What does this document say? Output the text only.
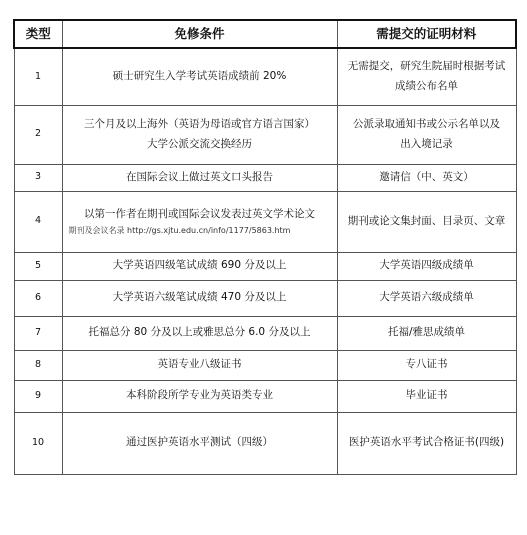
类型	免修条件	需提交的证明材料
1	硕士研究生入学考试英语成绩前 20%	无需提交，研究生院届时根据考试
成绩公布名单

2	三个月及以上海外（英语为母语或官方语言国家）
大学公派交流交换经历	公派录取通知书或公示名单以及
出入境记录

3	在国际会议上做过英文口头报告	邀请信（中、英文）
4	以第一作者在期刊或国际会议发表过英文学术论文
期刊及会议名录 http://gs.xjtu.edu.cn/info/1177/5863.htm	期刊或论文集封面、目录页、文章
5	大学英语四级笔试成绩 690 分及以上	大学英语四级成绩单
6	大学英语六级笔试成绩 470 分及以上	大学英语六级成绩单
7	托福总分 80 分及以上或雅思总分 6.0 分及以上	托福/雅思成绩单
8	英语专业八级证书	专八证书
9	本科阶段所学专业为英语类专业	毕业证书
10	通过医护英语水平测试（四级）	医护英语水平考试合格证书(四级)
